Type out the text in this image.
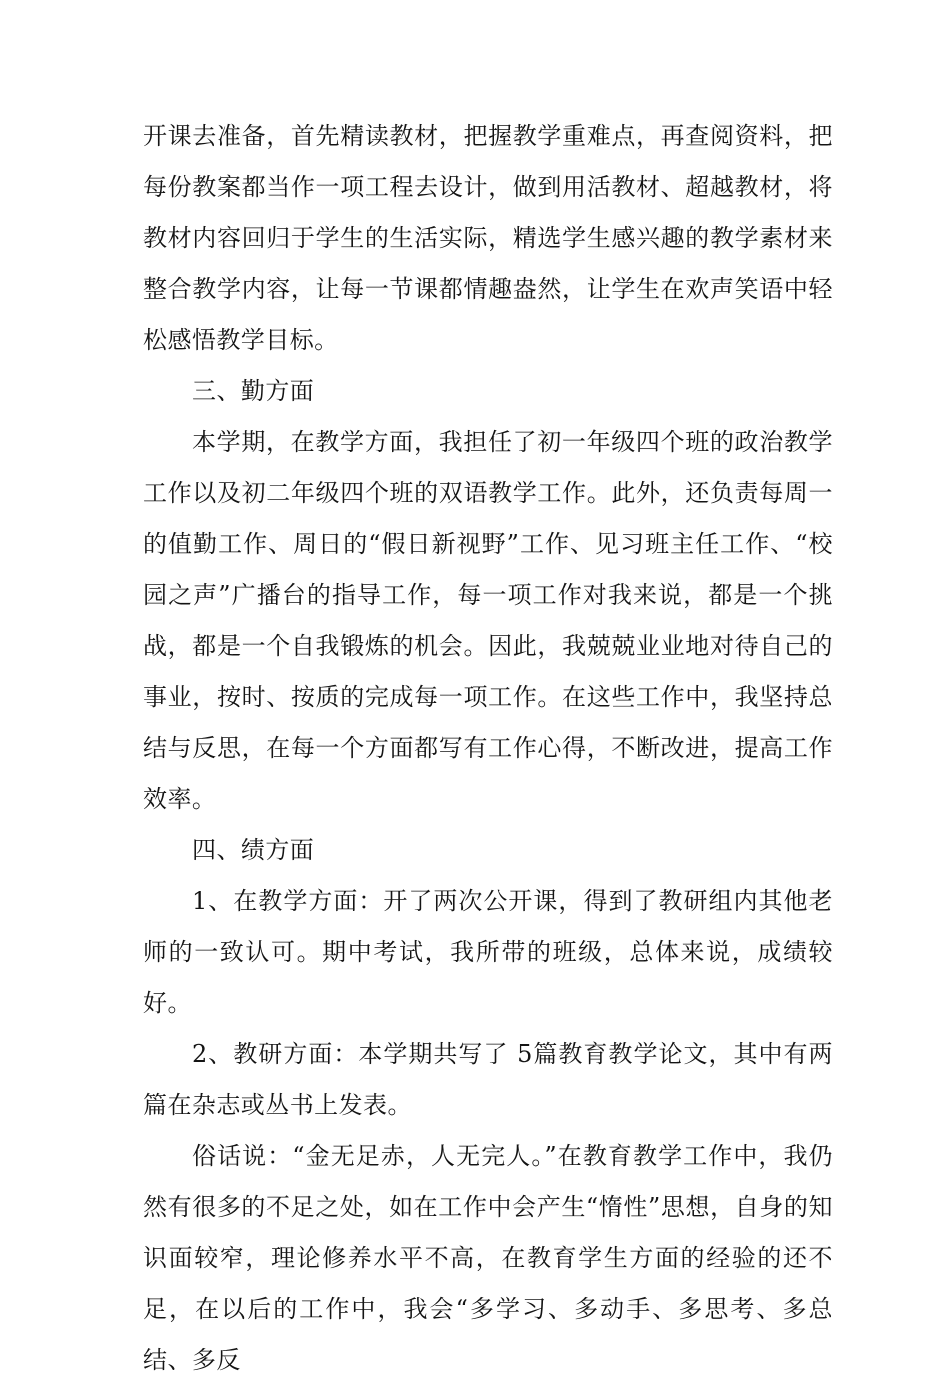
开课去准备，首先精读教材，把握教学重难点，再查阅资料，把每份教案都当作一项工程去设计，做到用活教材、超越教材，将教材内容回归于学生的生活实际，精选学生感兴趣的教学素材来整合教学内容，让每一节课都情趣盎然，让学生在欢声笑语中轻松感悟教学目标。

三、勤方面

本学期，在教学方面，我担任了初一年级四个班的政治教学工作以及初二年级四个班的双语教学工作。此外，还负责每周一的值勤工作、周日的“假日新视野”工作、见习班主任工作、“校园之声”广播台的指导工作，每一项工作对我来说，都是一个挑战，都是一个自我锻炼的机会。因此，我兢兢业业地对待自己的事业，按时、按质的完成每一项工作。在这些工作中，我坚持总结与反思，在每一个方面都写有工作心得，不断改进，提高工作效率。

四、绩方面

1、在教学方面：开了两次公开课，得到了教研组内其他老师的一致认可。期中考试，我所带的班级，总体来说，成绩较好。

2、教研方面：本学期共写了 5篇教育教学论文，其中有两篇在杂志或丛书上发表。

俗话说：“金无足赤，人无完人。”在教育教学工作中，我仍然有很多的不足之处，如在工作中会产生“惰性”思想，自身的知识面较窄，理论修养水平不高，在教育学生方面的经验的还不足，在以后的工作中，我会“多学习、多动手、多思考、多总结、多反
